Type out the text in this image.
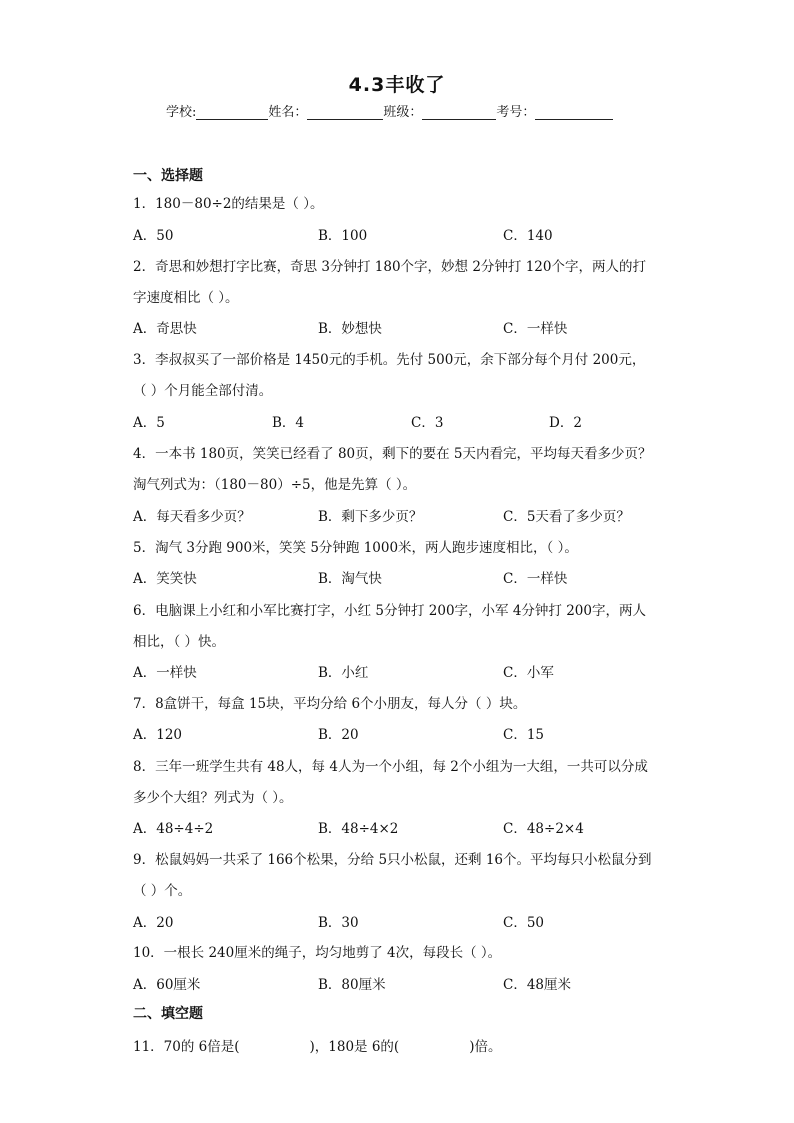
4.3丰收了
学校:	姓名：	班级：	考号：
一、选择题
1．180－80÷2的结果是（ ）。
A．50	B．100	C．140
2．奇思和妙想打字比赛，奇思 3分钟打 180个字，妙想 2分钟打 120个字，两人的打
字速度相比（ ）。
A．奇思快	B．妙想快	C．一样快
3．李叔叔买了一部价格是 1450元的手机。先付 500元，余下部分每个月付 200元，
（ ）个月能全部付清。
A．5	B．4	C．3	D．2
4．一本书 180页，笑笑已经看了 80页，剩下的要在 5天内看完，平均每天看多少页？
淘气列式为：（180－80）÷5，他是先算（ ）。
A．每天看多少页？	B．剩下多少页？	C．5天看了多少页？
5．淘气 3分跑 900米，笑笑 5分钟跑 1000米，两人跑步速度相比，（ ）。
A．笑笑快	B．淘气快	C．一样快
6．电脑课上小红和小军比赛打字，小红 5分钟打 200字，小军 4分钟打 200字，两人
相比，（ ）快。
A．一样快	B．小红	C．小军
7．8盒饼干，每盒 15块，平均分给 6个小朋友，每人分（ ）块。
A．120	B．20	C．15
8．三年一班学生共有 48人，每 4人为一个小组，每 2个小组为一大组，一共可以分成
多少个大组？列式为（ ）。
A．48÷4÷2	B．48÷4×2	C．48÷2×4
9．松鼠妈妈一共采了 166个松果，分给 5只小松鼠，还剩 16个。平均每只小松鼠分到
（ ）个。
A．20	B．30	C．50
10．一根长 240厘米的绳子，均匀地剪了 4次，每段长（ ）。
A．60厘米	B．80厘米	C．48厘米
二、填空题
11．70的 6倍是(	)，180是 6的(	)倍。
